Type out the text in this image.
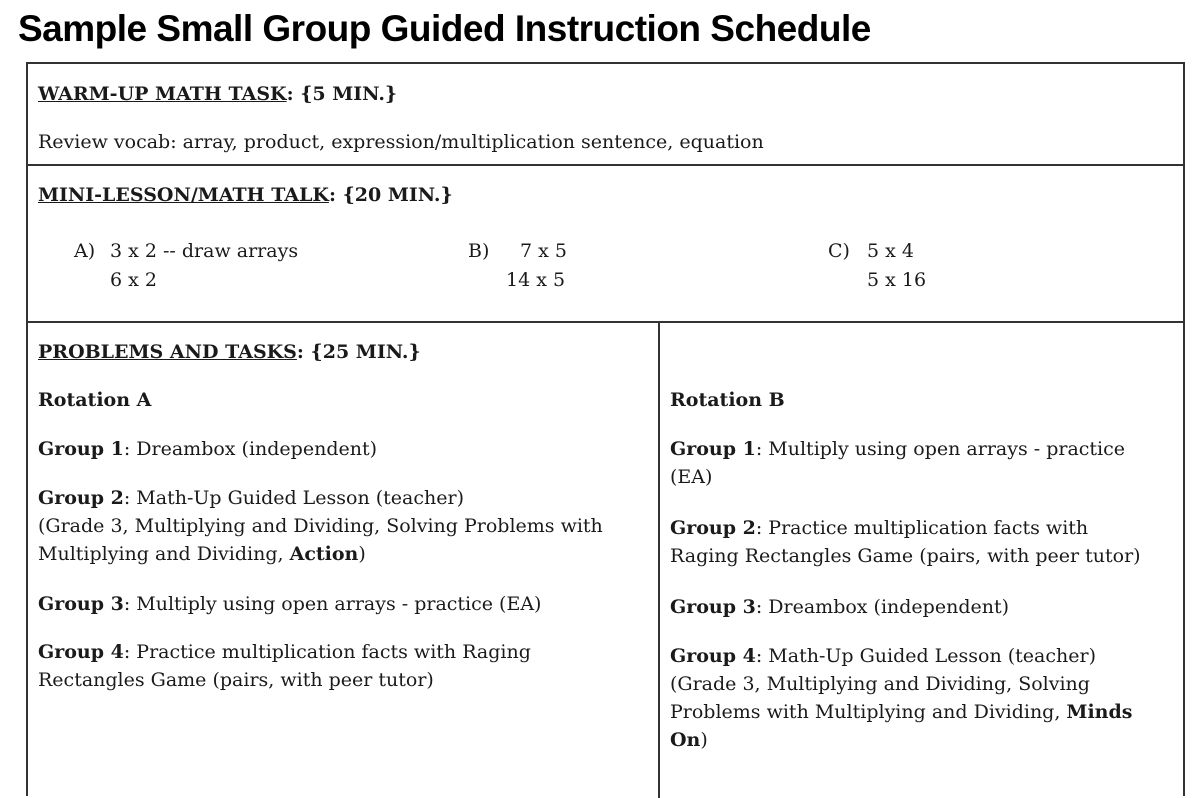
Sample Small Group Guided Instruction Schedule

WARM-UP MATH TASK: {5 MIN.}

Review vocab: array, product, expression/multiplication sentence, equation

MINI-LESSON/MATH TALK: {20 MIN.}

A) 3 x 2 -- draw arrays

6 x 2

B) 7 x 5

14 x 5

C) 5 x 4

5 x 16

PROBLEMS AND TASKS: {25 MIN.}

Rotation A

Group 1: Dreambox (independent)

Group 2: Math-Up Guided Lesson (teacher)
(Grade 3, Multiplying and Dividing, Solving Problems with
Multiplying and Dividing, Action)

Group 3: Multiply using open arrays - practice (EA)

Group 4: Practice multiplication facts with Raging
Rectangles Game (pairs, with peer tutor)

Rotation B

Group 1: Multiply using open arrays - practice
(EA)
Group 2: Practice multiplication facts with
Raging Rectangles Game (pairs, with peer tutor)

Group 3: Dreambox (independent)

Group 4: Math-Up Guided Lesson (teacher)
(Grade 3, Multiplying and Dividing, Solving
Problems with Multiplying and Dividing, Minds
On)
